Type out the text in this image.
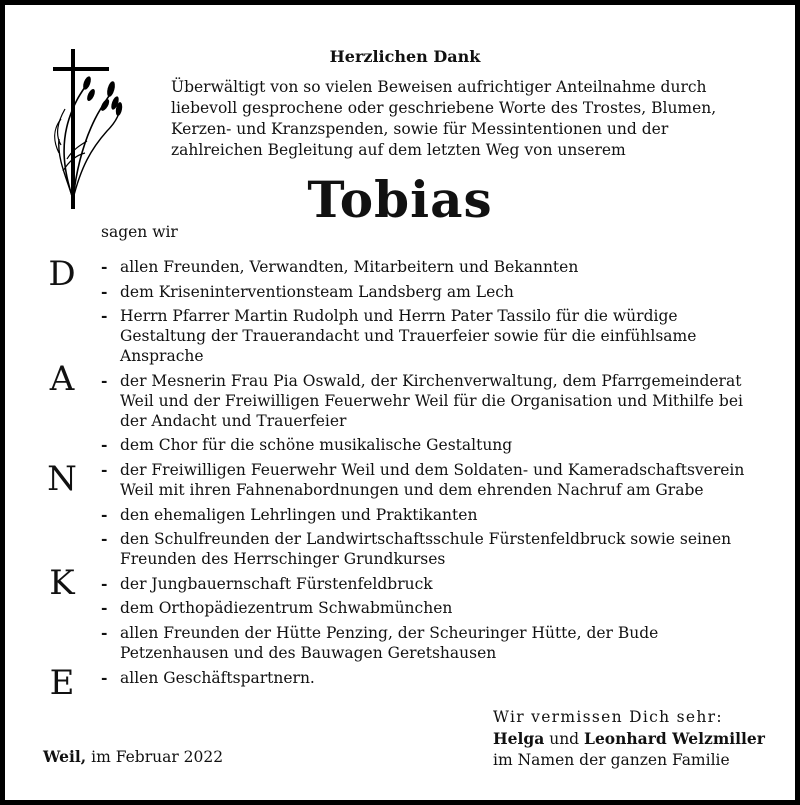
Herzlichen Dank
Überwältigt von so vielen Beweisen aufrichtiger Anteilnahme durch
liebevoll gesprochene oder geschriebene Worte des Trostes, Blumen,
Kerzen- und Kranzspenden, sowie für Messintentionen und der
zahlreichen Begleitung auf dem letzten Weg von unserem
Tobias
sagen wir
D
A
N
K
E
- allen Freunden, Verwandten, Mitarbeitern und Bekannten
- dem Kriseninterventionsteam Landsberg am Lech
- Herrn Pfarrer Martin Rudolph und Herrn Pater Tassilo für die würdige
Gestaltung der Trauerandacht und Trauerfeier sowie für die einfühlsame
Ansprache
- der Mesnerin Frau Pia Oswald, der Kirchenverwaltung, dem Pfarrgemeinderat
Weil und der Freiwilligen Feuerwehr Weil für die Organisation und Mithilfe bei
der Andacht und Trauerfeier
- dem Chor für die schöne musikalische Gestaltung
- der Freiwilligen Feuerwehr Weil und dem Soldaten- und Kameradschaftsverein
Weil mit ihren Fahnenabordnungen und dem ehrenden Nachruf am Grabe
- den ehemaligen Lehrlingen und Praktikanten
- den Schulfreunden der Landwirtschaftsschule Fürstenfeldbruck sowie seinen
Freunden des Herrschinger Grundkurses
- der Jungbauernschaft Fürstenfeldbruck
- dem Orthopädiezentrum Schwabmünchen
- allen Freunden der Hütte Penzing, der Scheuringer Hütte, der Bude
Petzenhausen und des Bauwagen Geretshausen
- allen Geschäftspartnern.
Weil, im Februar 2022
Wir vermissen Dich sehr:
Helga und Leonhard Welzmiller
im Namen der ganzen Familie
